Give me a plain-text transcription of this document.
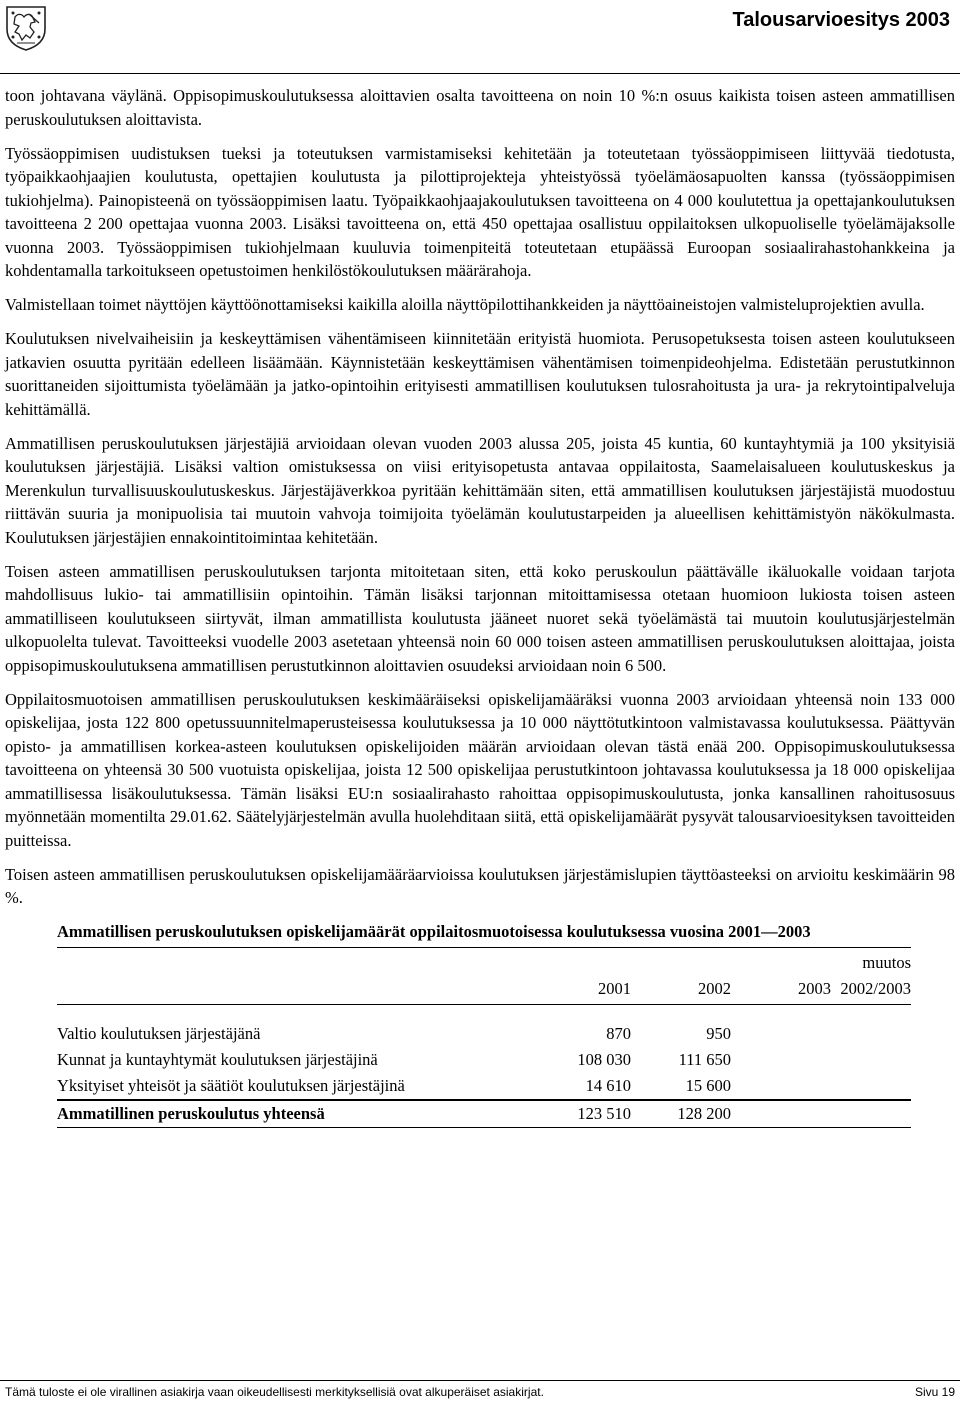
Talousarvioesitys 2003

toon johtavana väylänä. Oppisopimuskoulutuksessa aloittavien osalta tavoitteena on noin 10 %:n osuus kaikista toisen asteen ammatillisen peruskoulutuksen aloittavista.

Työssäoppimisen uudistuksen tueksi ja toteutuksen varmistamiseksi kehitetään ja toteutetaan työssäoppimiseen liittyvää tiedotusta, työpaikkaohjaajien koulutusta, opettajien koulutusta ja pilottiprojekteja yhteistyössä työelämäosapuolten kanssa (työssäoppimisen tukiohjelma). Painopisteenä on työssäoppimisen laatu. Työpaikkaohjaajakoulutuksen tavoitteena on 4 000 koulutettua ja opettajankoulutuksen tavoitteena 2 200 opettajaa vuonna 2003. Lisäksi tavoitteena on, että 450 opettajaa osallistuu oppilaitoksen ulkopuoliselle työelämäjaksolle vuonna 2003. Työssäoppimisen tukiohjelmaan kuuluvia toimenpiteitä toteutetaan etupäässä Euroopan sosiaalirahastohankkeina ja kohdentamalla tarkoitukseen opetustoimen henkilöstökoulutuksen määrärahoja.

Valmistellaan toimet näyttöjen käyttöönottamiseksi kaikilla aloilla näyttöpilottihankkeiden ja näyttöaineistojen valmisteluprojektien avulla.

Koulutuksen nivelvaiheisiin ja keskeyttämisen vähentämiseen kiinnitetään erityistä huomiota. Perusopetuksesta toisen asteen koulutukseen jatkavien osuutta pyritään edelleen lisäämään. Käynnistetään keskeyttämisen vähentämisen toimenpideohjelma. Edistetään perustutkinnon suorittaneiden sijoittumista työelämään ja jatko-opintoihin erityisesti ammatillisen koulutuksen tulosrahoitusta ja ura- ja rekrytointipalveluja kehittämällä.

Ammatillisen peruskoulutuksen järjestäjiä arvioidaan olevan vuoden 2003 alussa 205, joista 45 kuntia, 60 kuntayhtymiä ja 100 yksityisiä koulutuksen järjestäjiä. Lisäksi valtion omistuksessa on viisi erityisopetusta antavaa oppilaitosta, Saamelaisalueen koulutuskeskus ja Merenkulun turvallisuuskoulutuskeskus. Järjestäjäverkkoa pyritään kehittämään siten, että ammatillisen koulutuksen järjestäjistä muodostuu riittävän suuria ja monipuolisia tai muutoin vahvoja toimijoita työelämän koulutustarpeiden ja alueellisen kehittämistyön näkökulmasta. Koulutuksen järjestäjien ennakointitoimintaa kehitetään.

Toisen asteen ammatillisen peruskoulutuksen tarjonta mitoitetaan siten, että koko peruskoulun päättävälle ikäluokalle voidaan tarjota mahdollisuus lukio- tai ammatillisiin opintoihin. Tämän lisäksi tarjonnan mitoittamisessa otetaan huomioon lukiosta toisen asteen ammatilliseen koulutukseen siirtyvät, ilman ammatillista koulutusta jääneet nuoret sekä työelämästä tai muutoin koulutusjärjestelmän ulkopuolelta tulevat. Tavoitteeksi vuodelle 2003 asetetaan yhteensä noin 60 000 toisen asteen ammatillisen peruskoulutuksen aloittajaa, joista oppisopimuskoulutuksena ammatillisen perustutkinnon aloittavien osuudeksi arvioidaan noin 6 500.

Oppilaitosmuotoisen ammatillisen peruskoulutuksen keskimääräiseksi opiskelijamääräksi vuonna 2003 arvioidaan yhteensä noin 133 000 opiskelijaa, josta 122 800 opetussuunnitelmaperusteisessa koulutuksessa ja 10 000 näyttötutkintoon valmistavassa koulutuksessa. Päättyvän opisto- ja ammatillisen korkea-asteen koulutuksen opiskelijoiden määrän arvioidaan olevan tästä enää 200. Oppisopimuskoulutuksessa tavoitteena on yhteensä 30 500 vuotuista opiskelijaa, joista 12 500 opiskelijaa perustutkintoon johtavassa koulutuksessa ja 18 000 opiskelijaa ammatillisessa lisäkoulutuksessa. Tämän lisäksi EU:n sosiaalirahasto rahoittaa oppisopimuskoulutusta, jonka kansallinen rahoitusosuus myönnetään momentilta 29.01.62. Säätelyjärjestelmän avulla huolehditaan siitä, että opiskelijamäärät pysyvät talousarvioesityksen tavoitteiden puitteissa.

Toisen asteen ammatillisen peruskoulutuksen opiskelijamääräarvioissa koulutuksen järjestämislupien täyttöasteeksi on arvioitu keskimäärin 98 %.

Ammatillisen peruskoulutuksen opiskelijamäärät oppilaitosmuotoisessa koulutuksessa vuosina 2001—2003
				muutos
	2001	2002	2003	2002/2003
Valtio koulutuksen järjestäjänä	870	950		
Kunnat ja kuntayhtymät koulutuksen järjestäjinä	108 030	111 650		
Yksityiset yhteisöt ja säätiöt koulutuksen järjestäjinä	14 610	15 600		
Ammatillinen peruskoulutus yhteensä	123 510	128 200		
Tämä tuloste ei ole virallinen asiakirja vaan oikeudellisesti merkityksellisiä ovat alkuperäiset asiakirjat.	Sivu 19
